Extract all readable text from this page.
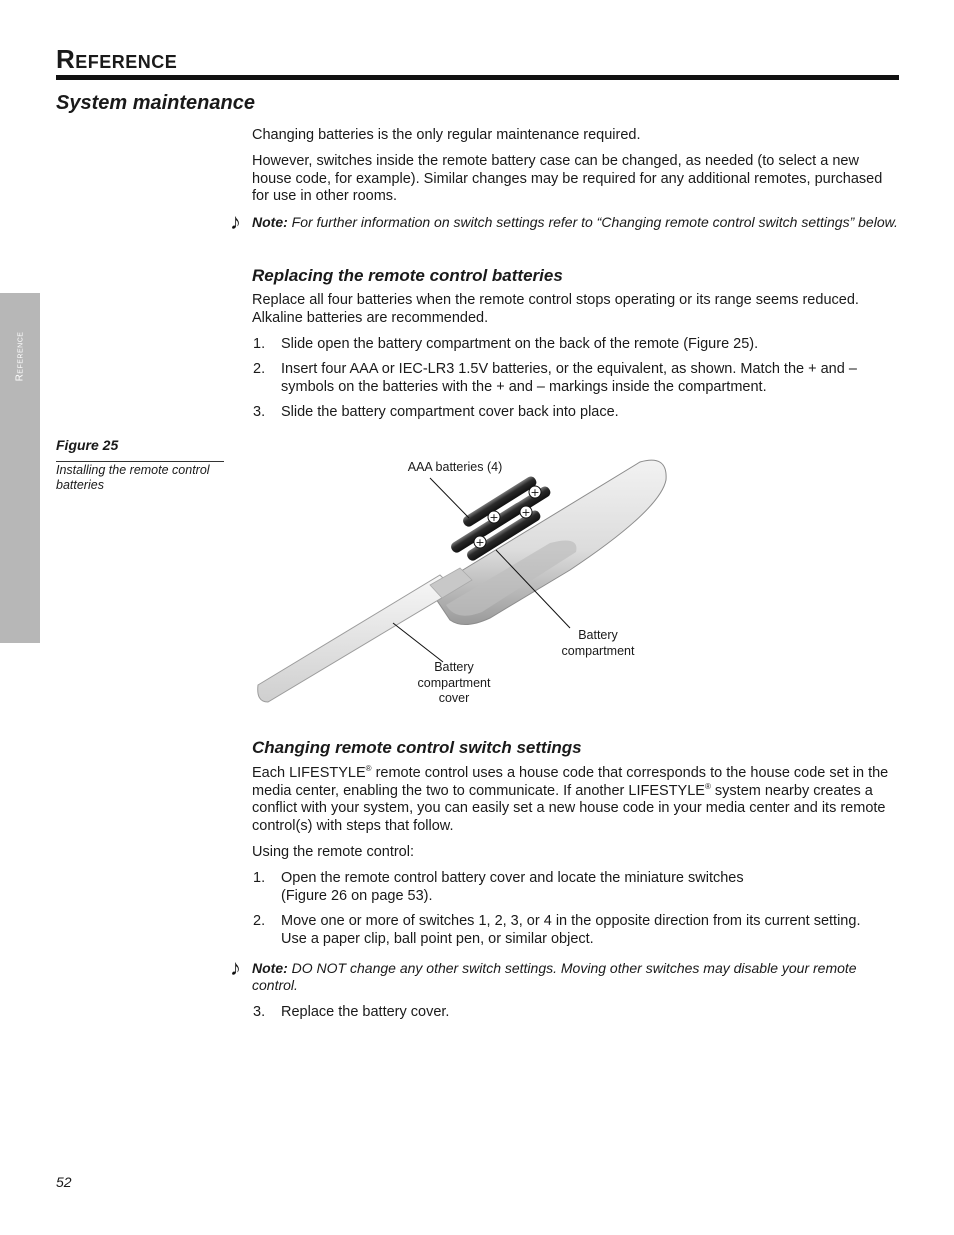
Reference
Reference
System maintenance
Changing batteries is the only regular maintenance required.
However, switches inside the remote battery case can be changed, as needed (to select a new house code, for example). Similar changes may be required for any additional remotes, purchased for use in other rooms.
♪ Note: For further information on switch settings refer to “Changing remote control switch settings” below.
Replacing the remote control batteries
Replace all four batteries when the remote control stops operating or its range seems reduced. Alkaline batteries are recommended.
1. Slide open the battery compartment on the back of the remote (Figure 25).
2. Insert four AAA or IEC-LR3 1.5V batteries, or the equivalent, as shown. Match the + and – symbols on the batteries with the + and – markings inside the compartment.
3. Slide the battery compartment cover back into place.
Figure 25
Installing the remote control batteries
+
+ +
+
AAA batteries (4)
Battery compartment
Battery compartment cover
Changing remote control switch settings
Each LIFESTYLE® remote control uses a house code that corresponds to the house code set in the media center, enabling the two to communicate. If another LIFESTYLE® system nearby creates a conflict with your system, you can easily set a new house code in your media center and its remote control(s) with steps that follow.
Using the remote control:
1. Open the remote control battery cover and locate the miniature switches
(Figure 26 on page 53).
2. Move one or more of switches 1, 2, 3, or 4 in the opposite direction from its current setting. Use a paper clip, ball point pen, or similar object.
♪ Note: DO NOT change any other switch settings. Moving other switches may disable your remote control.
3. Replace the battery cover.
52
